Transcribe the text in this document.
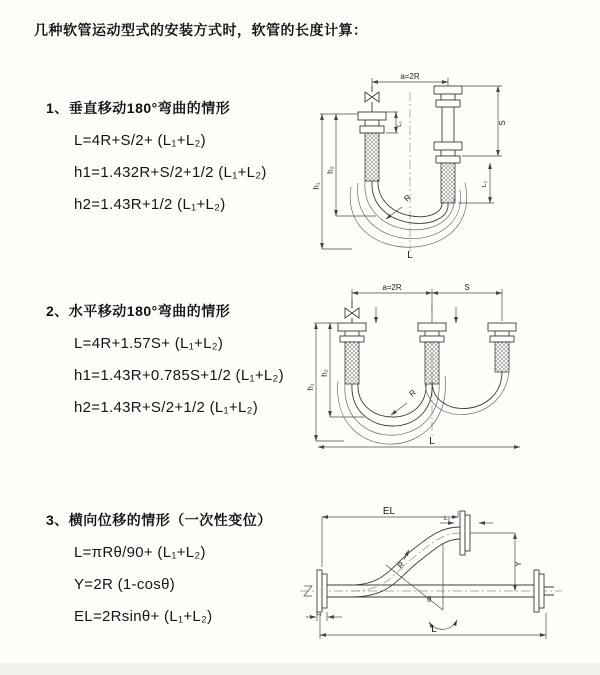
几种软管运动型式的安装方式时，软管的长度计算：
1、垂直移动180°弯曲的情形
L=4R+S/2+ (L₁+L₂)
h1=1.432R+S/2+1/2 (L₁+L₂)
h2=1.43R+1/2 (L₁+L₂)
a=2R
R
h₂
h₁
L₁	S
L₂
L
2、水平移动180°弯曲的情形
L=4R+1.57S+ (L₁+L₂)
h1=1.43R+0.785S+1/2 (L₁+L₂)
h2=1.43R+S/2+1/2 (L₁+L₂)
a=2R	S
R
h₂
h₁
L
3、横向位移的情形（一次性变位）
L=πRθ/90+ (L₁+L₂)
Y=2R (1-cosθ)
EL=2Rsinθ+ (L₁+L₂)
EL
L₂
Y
θ
R
L
L₁
